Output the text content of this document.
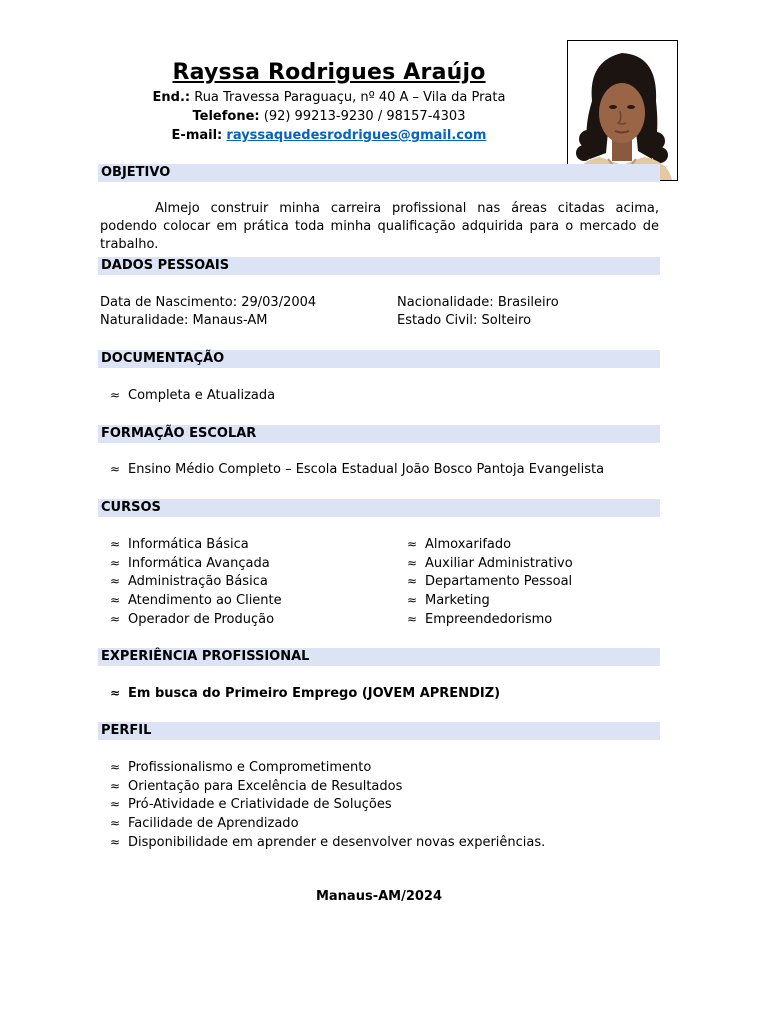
Rayssa Rodrigues Araújo
End.: Rua Travessa Paraguaçu, nº 40 A – Vila da Prata
Telefone: (92) 99213-9230 / 98157-4303
E-mail: rayssaquedesrodrigues@gmail.com
OBJETIVO
Almejo construir minha carreira profissional nas áreas citadas acima, podendo colocar em prática toda minha qualificação adquirida para o mercado de trabalho.
DADOS PESSOAIS
Data de Nascimento: 29/03/2004	Nacionalidade: Brasileiro
Naturalidade: Manaus-AM	Estado Civil: Solteiro
DOCUMENTAÇÃO
≈ Completa e Atualizada
FORMAÇÃO ESCOLAR
≈ Ensino Médio Completo – Escola Estadual João Bosco Pantoja Evangelista
CURSOS
≈ Informática Básica
≈ Informática Avançada
≈ Administração Básica
≈ Atendimento ao Cliente
≈ Operador de Produção
≈ Almoxarifado
≈ Auxiliar Administrativo
≈ Departamento Pessoal
≈ Marketing
≈ Empreendedorismo
EXPERIÊNCIA PROFISSIONAL
≈ Em busca do Primeiro Emprego (JOVEM APRENDIZ)
PERFIL
≈ Profissionalismo e Comprometimento
≈ Orientação para Excelência de Resultados
≈ Pró-Atividade e Criatividade de Soluções
≈ Facilidade de Aprendizado
≈ Disponibilidade em aprender e desenvolver novas experiências.
Manaus-AM/2024
